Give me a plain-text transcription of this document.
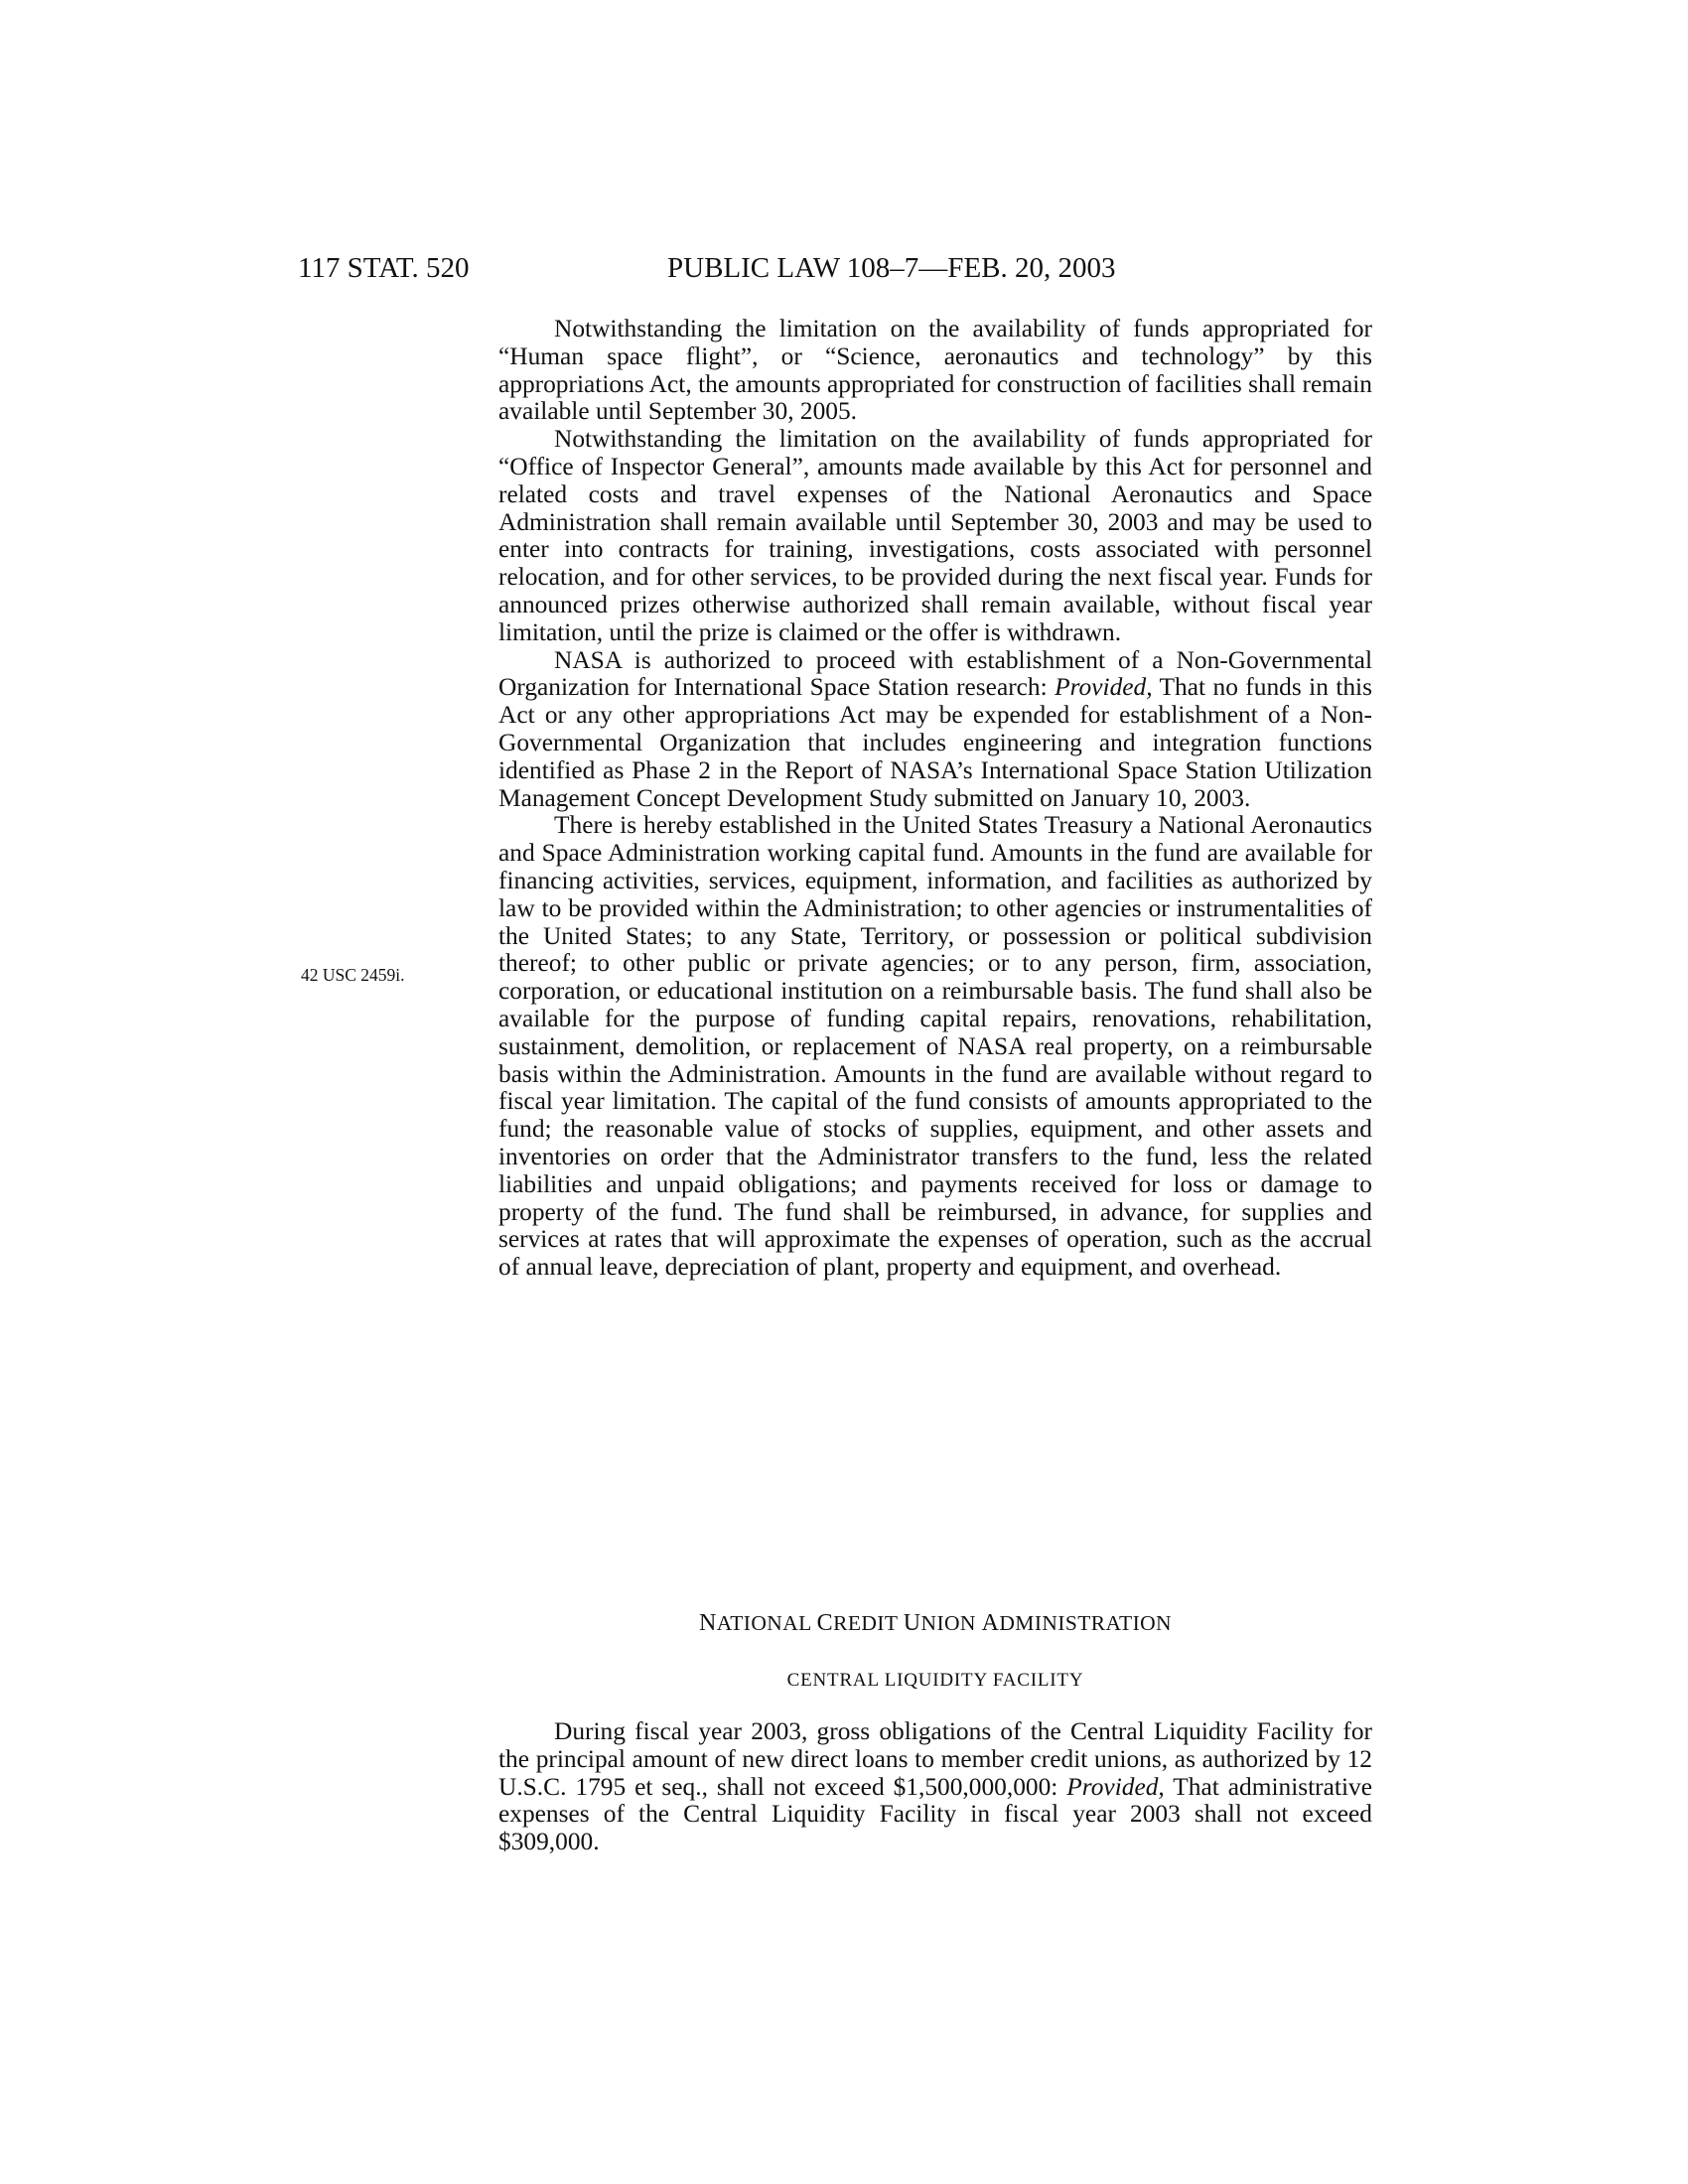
117 STAT. 520	PUBLIC LAW 108–7—FEB. 20, 2003
42 USC 2459i.

Notwithstanding the limitation on the availability of funds appropriated for “Human space flight”, or “Science, aeronautics and technology” by this appropriations Act, the amounts appropriated for construction of facilities shall remain available until September 30, 2005.

Notwithstanding the limitation on the availability of funds appropriated for “Office of Inspector General”, amounts made available by this Act for personnel and related costs and travel expenses of the National Aeronautics and Space Administration shall remain available until September 30, 2003 and may be used to enter into contracts for training, investigations, costs associated with personnel relocation, and for other services, to be provided during the next fiscal year. Funds for announced prizes otherwise authorized shall remain available, without fiscal year limitation, until the prize is claimed or the offer is withdrawn.

NASA is authorized to proceed with establishment of a Non-Governmental Organization for International Space Station research: Provided, That no funds in this Act or any other appropriations Act may be expended for establishment of a Non-Governmental Organization that includes engineering and integration functions identified as Phase 2 in the Report of NASA’s International Space Station Utilization Management Concept Development Study submitted on January 10, 2003.

There is hereby established in the United States Treasury a National Aeronautics and Space Administration working capital fund. Amounts in the fund are available for financing activities, services, equipment, information, and facilities as authorized by law to be provided within the Administration; to other agencies or instrumentalities of the United States; to any State, Territory, or possession or political subdivision thereof; to other public or private agencies; or to any person, firm, association, corporation, or educational institution on a reimbursable basis. The fund shall also be available for the purpose of funding capital repairs, renovations, rehabilitation, sustainment, demolition, or replacement of NASA real property, on a reimbursable basis within the Administration. Amounts in the fund are available without regard to fiscal year limitation. The capital of the fund consists of amounts appropriated to the fund; the reasonable value of stocks of supplies, equipment, and other assets and inventories on order that the Administrator transfers to the fund, less the related liabilities and unpaid obligations; and payments received for loss or damage to property of the fund. The fund shall be reimbursed, in advance, for supplies and services at rates that will approximate the expenses of operation, such as the accrual of annual leave, depreciation of plant, property and equipment, and overhead.

NATIONAL CREDIT UNION ADMINISTRATION
CENTRAL LIQUIDITY FACILITY

During fiscal year 2003, gross obligations of the Central Liquidity Facility for the principal amount of new direct loans to member credit unions, as authorized by 12 U.S.C. 1795 et seq., shall not exceed $1,500,000,000: Provided, That administrative expenses of the Central Liquidity Facility in fiscal year 2003 shall not exceed $309,000.
